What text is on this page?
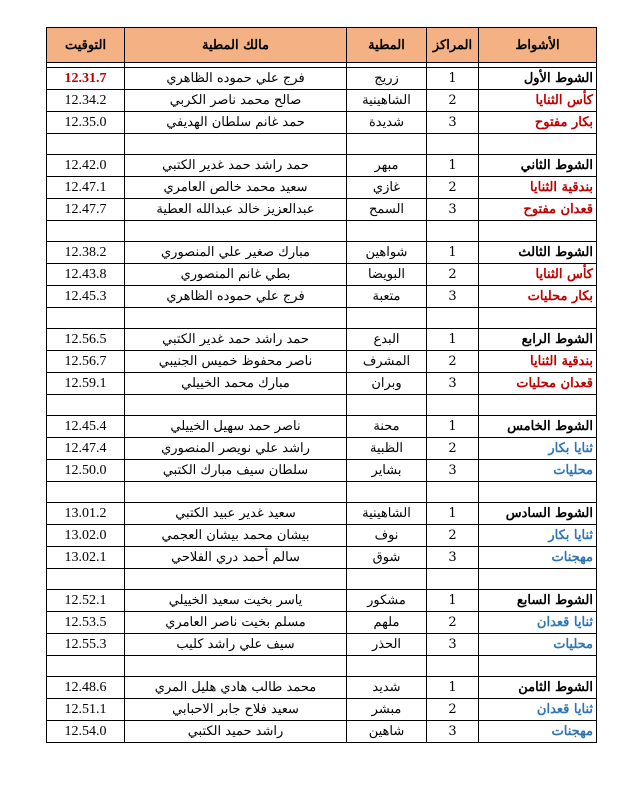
الأشواط	المراكز	المطية	مالك المطية	التوقيت

الشوط الأول	1	زريج	فرج علي حموده الظاهري	12.31.7
كأس الثنايا	2	الشاهينية	صالح محمد ناصر الكربي	12.34.2
بكار مفتوح	3	شديدة	حمد غانم سلطان الهديفي	12.35.0

الشوط الثاني	1	مبهر	حمد راشد حمد غدير الكتبي	12.42.0
بندقية الثنايا	2	غازي	سعيد محمد خالص العامري	12.47.1
قعدان مفتوح	3	السمح	عبدالعزيز خالد عبدالله العطية	12.47.7

الشوط الثالث	1	شواهين	مبارك صغير علي المنصوري	12.38.2
كأس الثنايا	2	البويضا	بطي غانم المنصوري	12.43.8
بكار محليات	3	متعبة	فرج علي حموده الظاهري	12.45.3

الشوط الرابع	1	البدع	حمد راشد حمد غدير الكتبي	12.56.5
بندقية الثنايا	2	المشرف	ناصر محفوظ خميس الجنيبي	12.56.7
قعدان محليات	3	وبران	مبارك محمد الخييلي	12.59.1

الشوط الخامس	1	محنة	ناصر حمد سهيل الخييلي	12.45.4
ثنايا بكار	2	الظبية	راشد علي نويصر المنصوري	12.47.4
محليات	3	بشاير	سلطان سيف مبارك الكتبي	12.50.0

الشوط السادس	1	الشاهينية	سعيد غدير عبيد الكتبي	13.01.2
ثنايا بكار	2	نوف	بيشان محمد بيشان العجمي	13.02.0
مهجنات	3	شوق	سالم أحمد دري الفلاحي	13.02.1

الشوط السابع	1	مشكور	ياسر بخيت سعيد الخييلي	12.52.1
ثنايا قعدان	2	ملهم	مسلم بخيت ناصر العامري	12.53.5
محليات	3	الحذر	سيف علي راشد كليب	12.55.3

الشوط الثامن	1	شديد	محمد طالب هادي هليل المري	12.48.6
ثنايا قعدان	2	مبشر	سعيد فلاح جابر الاحبابي	12.51.1
مهجنات	3	شاهين	راشد حميد الكتبي	12.54.0
